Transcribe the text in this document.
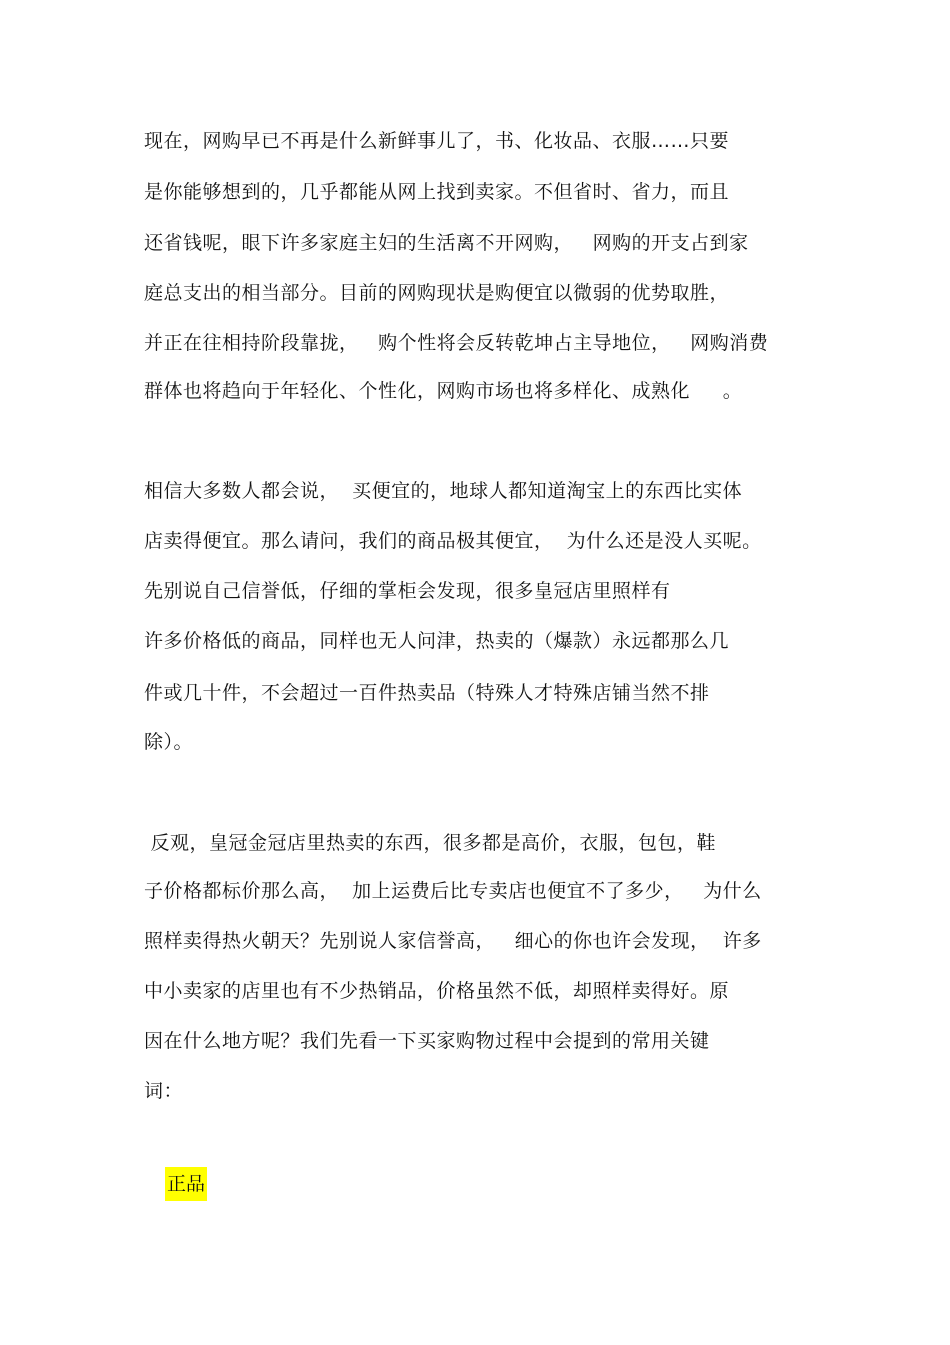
现在，网购早已不再是什么新鲜事儿了，书、化妆品、衣服……只要
是你能够想到的，几乎都能从网上找到卖家。不但省时、省力，而且
还省钱呢，眼下许多家庭主妇的生活离不开网购，   网购的开支占到家
庭总支出的相当部分。目前的网购现状是购便宜以微弱的优势取胜，
并正在往相持阶段靠拢，   购个性将会反转乾坤占主导地位，   网购消费
群体也将趋向于年轻化、个性化，网购市场也将多样化、成熟化     。
相信大多数人都会说，  买便宜的，地球人都知道淘宝上的东西比实体
店卖得便宜。那么请问，我们的商品极其便宜，  为什么还是没人买呢。
先别说自己信誉低，仔细的掌柜会发现，很多皇冠店里照样有
许多价格低的商品，同样也无人问津，热卖的（爆款）永远都那么几
件或几十件，不会超过一百件热卖品（特殊人才特殊店铺当然不排
除）。
反观，皇冠金冠店里热卖的东西，很多都是高价，衣服，包包，鞋
子价格都标价那么高，  加上运费后比专卖店也便宜不了多少，   为什么
照样卖得热火朝天？先别说人家信誉高，   细心的你也许会发现，  许多
中小卖家的店里也有不少热销品，价格虽然不低，却照样卖得好。原
因在什么地方呢？我们先看一下买家购物过程中会提到的常用关键
词：
正品
